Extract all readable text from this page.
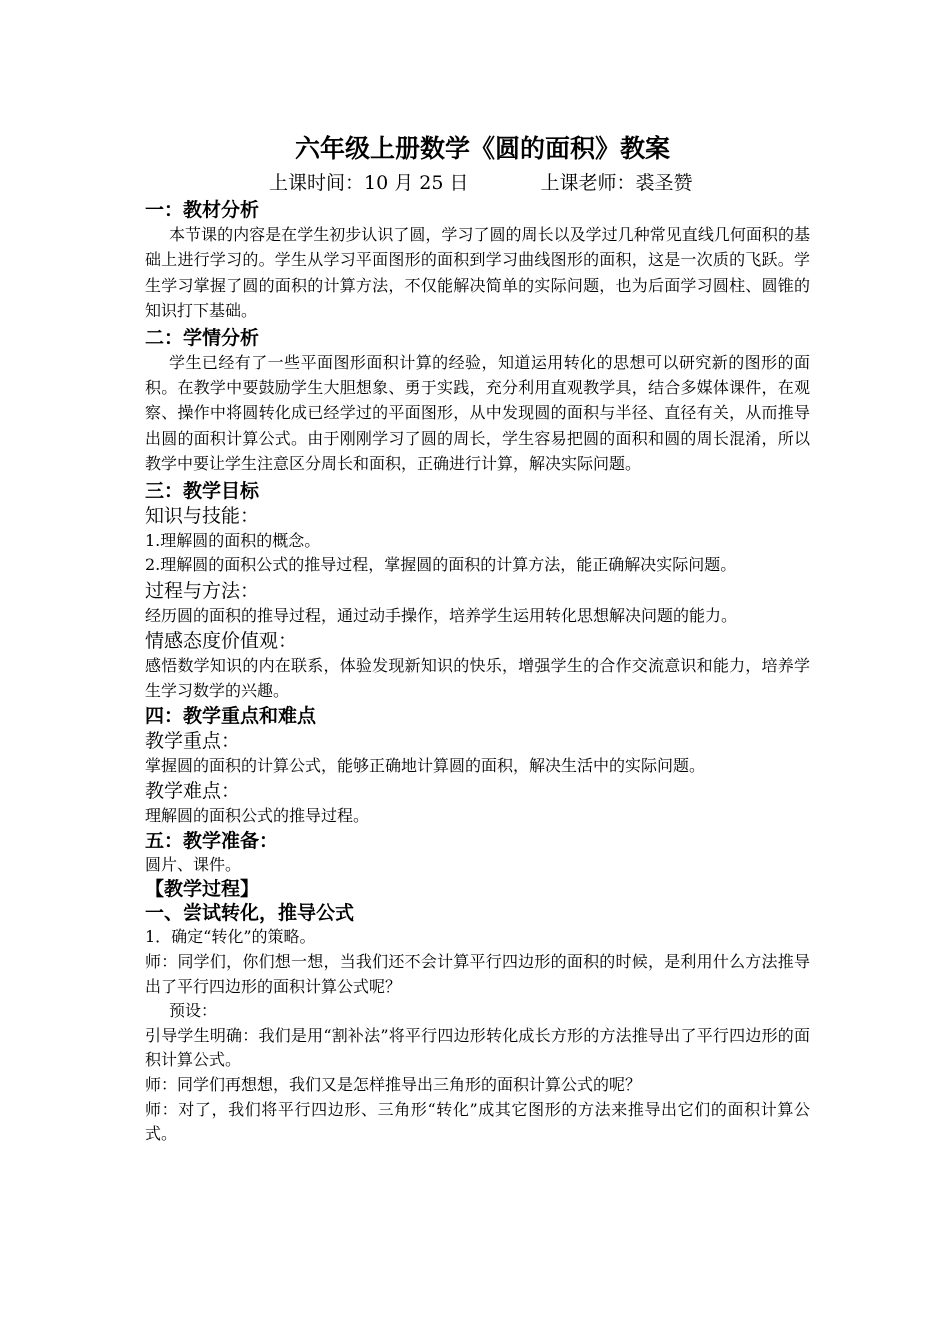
六年级上册数学《圆的面积》教案
上课时间：10 月 25 日	上课老师：裘圣赞
一：教材分析
本节课的内容是在学生初步认识了圆，学习了圆的周长以及学过几种常见直线几何面积的基础上进行学习的。学生从学习平面图形的面积到学习曲线图形的面积，这是一次质的飞跃。学生学习掌握了圆的面积的计算方法，不仅能解决简单的实际问题，也为后面学习圆柱、圆锥的知识打下基础。
二：学情分析
学生已经有了一些平面图形面积计算的经验，知道运用转化的思想可以研究新的图形的面积。在教学中要鼓励学生大胆想象、勇于实践，充分利用直观教学具，结合多媒体课件，在观察、操作中将圆转化成已经学过的平面图形，从中发现圆的面积与半径、直径有关，从而推导出圆的面积计算公式。由于刚刚学习了圆的周长，学生容易把圆的面积和圆的周长混淆，所以教学中要让学生注意区分周长和面积，正确进行计算，解决实际问题。
三：教学目标
知识与技能：
1.理解圆的面积的概念。
2.理解圆的面积公式的推导过程，掌握圆的面积的计算方法，能正确解决实际问题。
过程与方法：
经历圆的面积的推导过程，通过动手操作，培养学生运用转化思想解决问题的能力。
情感态度价值观：
感悟数学知识的内在联系，体验发现新知识的快乐，增强学生的合作交流意识和能力，培养学生学习数学的兴趣。
四：教学重点和难点
教学重点：
掌握圆的面积的计算公式，能够正确地计算圆的面积，解决生活中的实际问题。
教学难点：
理解圆的面积公式的推导过程。
五：教学准备：
圆片、课件。
【教学过程】
一、尝试转化，推导公式
1．确定“转化”的策略。
师：同学们，你们想一想，当我们还不会计算平行四边形的面积的时候，是利用什么方法推导出了平行四边形的面积计算公式呢？
预设：
引导学生明确：我们是用“割补法”将平行四边形转化成长方形的方法推导出了平行四边形的面积计算公式。
师：同学们再想想，我们又是怎样推导出三角形的面积计算公式的呢？
师：对了，我们将平行四边形、三角形“转化”成其它图形的方法来推导出它们的面积计算公式。
